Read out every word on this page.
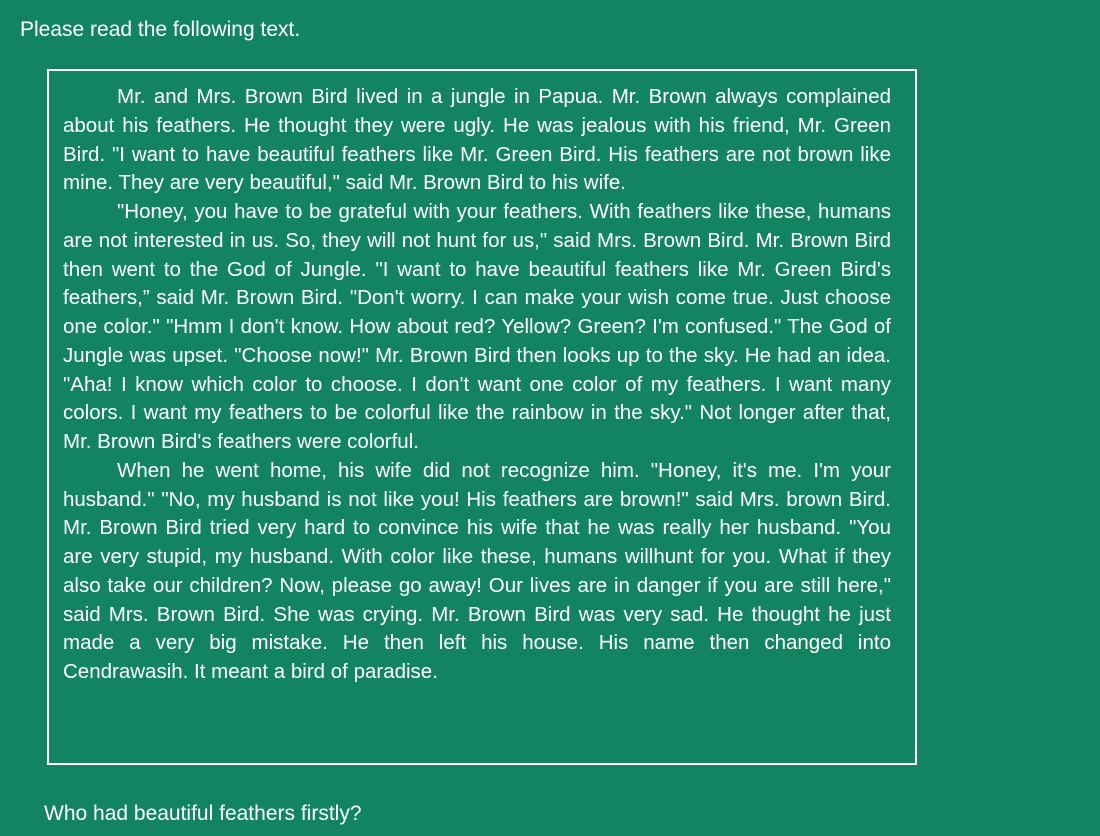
Please read the following text.

Mr. and Mrs. Brown Bird lived in a jungle in Papua. Mr. Brown always complained about his feathers. He thought they were ugly. He was jealous with his friend, Mr. Green Bird. "I want to have beautiful feathers like Mr. Green Bird. His feathers are not brown like mine. They are very beautiful," said Mr. Brown Bird to his wife.

"Honey, you have to be grateful with your feathers. With feathers like these, humans are not interested in us. So, they will not hunt for us," said Mrs. Brown Bird. Mr. Brown Bird then went to the God of Jungle. "I want to have beautiful feathers like Mr. Green Bird's feathers,” said Mr. Brown Bird. "Don't worry. I can make your wish come true. Just choose one color." "Hmm I don't know. How about red? Yellow? Green? I'm confused." The God of Jungle was upset. "Choose now!" Mr. Brown Bird then looks up to the sky. He had an idea. "Aha! I know which color to choose. I don't want one color of my feathers. I want many colors. I want my feathers to be colorful like the rainbow in the sky." Not longer after that, Mr. Brown Bird's feathers were colorful.

When he went home, his wife did not recognize him. "Honey, it's me. I'm your husband." "No, my husband is not like you! His feathers are brown!" said Mrs. brown Bird. Mr. Brown Bird tried very hard to convince his wife that he was really her husband. "You are very stupid, my husband. With color like these, humans willhunt for you. What if they also take our children? Now, please go away! Our lives are in danger if you are still here," said Mrs. Brown Bird. She was crying. Mr. Brown Bird was very sad. He thought he just made a very big mistake. He then left his house. His name then changed into Cendrawasih. It meant a bird of paradise.

Who had beautiful feathers firstly?
